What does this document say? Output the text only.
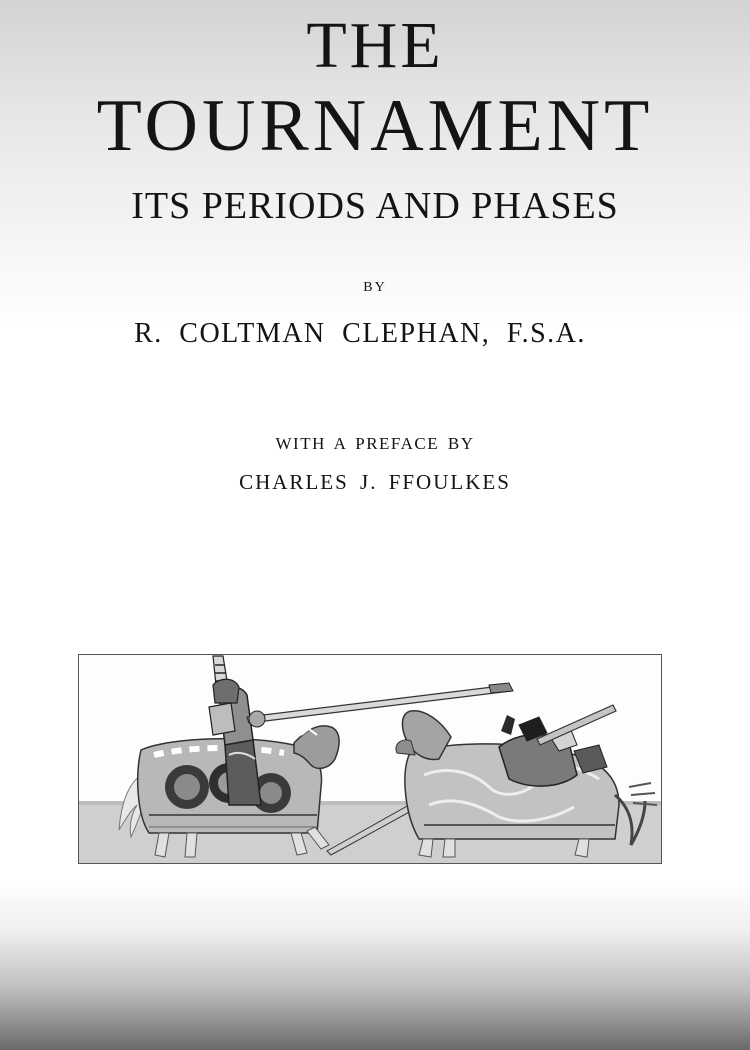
THE
TOURNAMENT
ITS PERIODS AND PHASES
BY
R. COLTMAN CLEPHAN, F.S.A.
WITH A PREFACE BY
CHARLES J. FFOULKES
